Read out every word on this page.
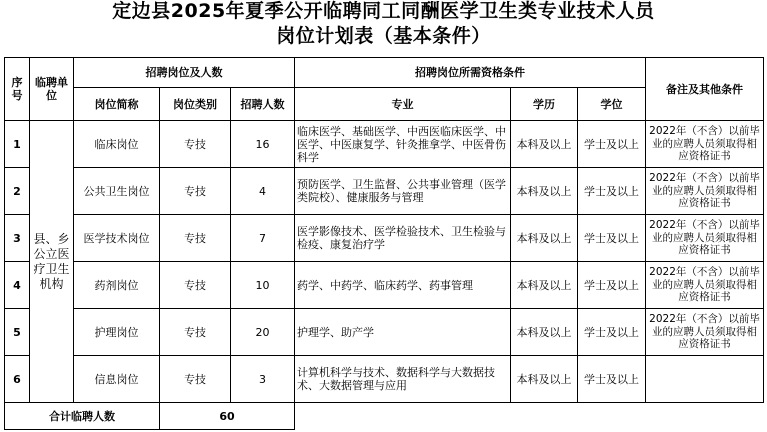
定边县2025年夏季公开临聘同工同酬医学卫生类专业技术人员
岗位计划表（基本条件）
序号	临聘单位	招聘岗位及人数			招聘岗位所需资格条件			备注及其他条件
		岗位简称	岗位类别	招聘人数	专业	学历	学位	
1	县、乡公立医疗卫生机构	临床岗位	专技	16	临床医学、基础医学、中西医临床医学、中医学、中医康复学、针灸推拿学、中医骨伤科学	本科及以上	学士及以上	2022年（不含）以前毕业的应聘人员须取得相应资格证书
2		公共卫生岗位	专技	4	预防医学、卫生监督、公共事业管理（医学类院校）、健康服务与管理	本科及以上	学士及以上	2022年（不含）以前毕业的应聘人员须取得相应资格证书
3		医学技术岗位	专技	7	医学影像技术、医学检验技术、卫生检验与检疫、康复治疗学	本科及以上	学士及以上	2022年（不含）以前毕业的应聘人员须取得相应资格证书
4		药剂岗位	专技	10	药学、中药学、临床药学、药事管理	本科及以上	学士及以上	2022年（不含）以前毕业的应聘人员须取得相应资格证书
5		护理岗位	专技	20	护理学、助产学	本科及以上	学士及以上	2022年（不含）以前毕业的应聘人员须取得相应资格证书
6		信息岗位	专技	3	计算机科学与技术、数据科学与大数据技术、大数据管理与应用	本科及以上	学士及以上	
合计临聘人数			60					
